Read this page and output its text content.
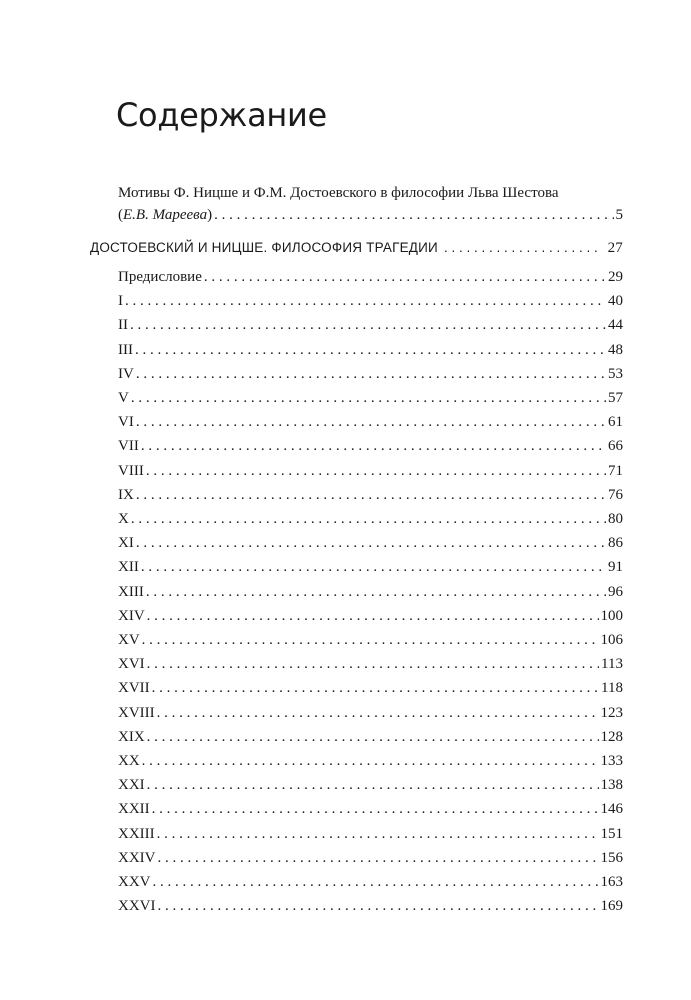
Содержание
Мотивы Ф. Ницше и Ф.М. Достоевского в философии Льва Шестова
(Е.В. Мареева) . . .	5
ДОСТОЕВСКИЙ И НИЦШЕ. ФИЛОСОФИЯ ТРАГЕДИИ . . .	27
Предисловие . . .	29
I . . .	40
II . . .	44
III . . .	48
IV . . .	53
V . . .	57
VI . . .	61
VII . . .	66
VIII . . .	71
IX . . .	76
X . . .	80
XI . . .	86
XII . . .	91
XIII . . .	96
XIV . . .	100
XV . . .	106
XVI . . .	113
XVII . . .	118
XVIII . . .	123
XIX . . .	128
XX . . .	133
XXI . . .	138
XXII . . .	146
XXIII . . .	151
XXIV . . .	156
XXV . . .	163
XXVI . . .	169
